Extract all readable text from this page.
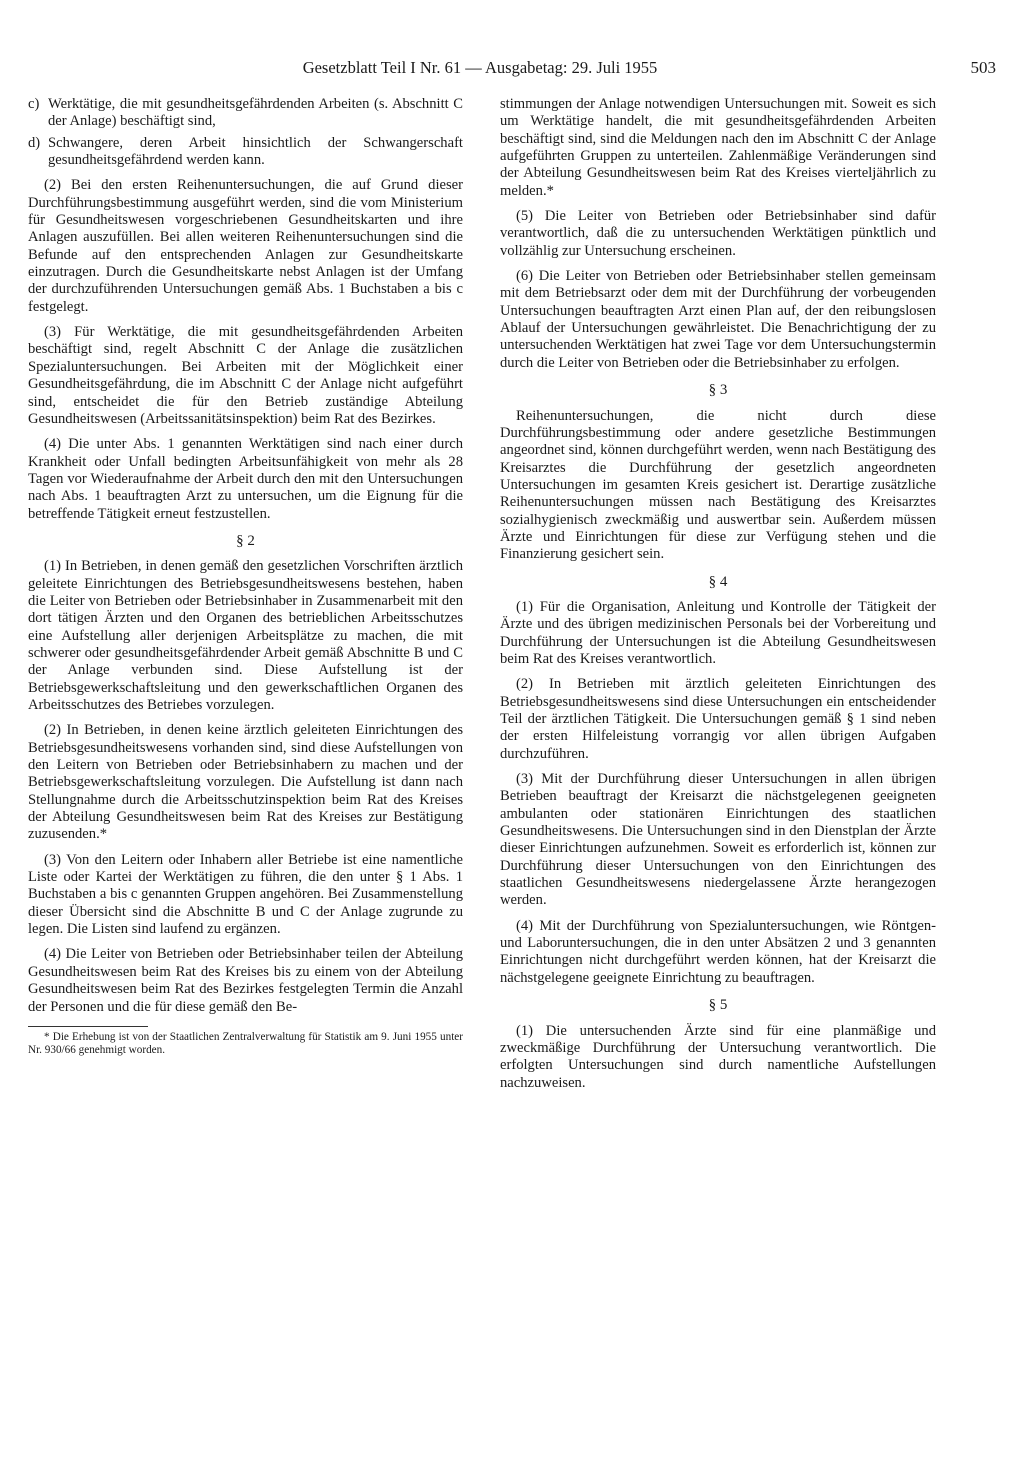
Gesetzblatt Teil I Nr. 61 — Ausgabetag: 29. Juli 1955	503
c) Werktätige, die mit gesundheitsgefährdenden Arbeiten (s. Abschnitt C der Anlage) beschäftigt sind,
d) Schwangere, deren Arbeit hinsichtlich der Schwangerschaft gesundheitsgefährdend werden kann.

(2) Bei den ersten Reihenuntersuchungen, die auf Grund dieser Durchführungsbestimmung ausgeführt werden, sind die vom Ministerium für Gesundheitswesen vorgeschriebenen Gesundheitskarten und ihre Anlagen auszufüllen. Bei allen weiteren Reihenuntersuchungen sind die Befunde auf den entsprechenden Anlagen zur Gesundheitskarte einzutragen. Durch die Gesundheitskarte nebst Anlagen ist der Umfang der durchzuführenden Untersuchungen gemäß Abs. 1 Buchstaben a bis c festgelegt.

(3) Für Werktätige, die mit gesundheitsgefährdenden Arbeiten beschäftigt sind, regelt Abschnitt C der Anlage die zusätzlichen Spezialuntersuchungen. Bei Arbeiten mit der Möglichkeit einer Gesundheitsgefährdung, die im Abschnitt C der Anlage nicht aufgeführt sind, entscheidet die für den Betrieb zuständige Abteilung Gesundheitswesen (Arbeitssanitätsinspektion) beim Rat des Bezirkes.

(4) Die unter Abs. 1 genannten Werktätigen sind nach einer durch Krankheit oder Unfall bedingten Arbeitsunfähigkeit von mehr als 28 Tagen vor Wiederaufnahme der Arbeit durch den mit den Untersuchungen nach Abs. 1 beauftragten Arzt zu untersuchen, um die Eignung für die betreffende Tätigkeit erneut festzustellen.

§ 2

(1) In Betrieben, in denen gemäß den gesetzlichen Vorschriften ärztlich geleitete Einrichtungen des Betriebsgesundheitswesens bestehen, haben die Leiter von Betrieben oder Betriebsinhaber in Zusammenarbeit mit den dort tätigen Ärzten und den Organen des betrieblichen Arbeitsschutzes eine Aufstellung aller derjenigen Arbeitsplätze zu machen, die mit schwerer oder gesundheitsgefährdender Arbeit gemäß Abschnitte B und C der Anlage verbunden sind. Diese Aufstellung ist der Betriebsgewerkschaftsleitung und den gewerkschaftlichen Organen des Arbeitsschutzes des Betriebes vorzulegen.

(2) In Betrieben, in denen keine ärztlich geleiteten Einrichtungen des Betriebsgesundheitswesens vorhanden sind, sind diese Aufstellungen von den Leitern von Betrieben oder Betriebsinhabern zu machen und der Betriebsgewerkschaftsleitung vorzulegen. Die Aufstellung ist dann nach Stellungnahme durch die Arbeitsschutzinspektion beim Rat des Kreises der Abteilung Gesundheitswesen beim Rat des Kreises zur Bestätigung zuzusenden.*

(3) Von den Leitern oder Inhabern aller Betriebe ist eine namentliche Liste oder Kartei der Werktätigen zu führen, die den unter § 1 Abs. 1 Buchstaben a bis c genannten Gruppen angehören. Bei Zusammenstellung dieser Übersicht sind die Abschnitte B und C der Anlage zugrunde zu legen. Die Listen sind laufend zu ergänzen.

(4) Die Leiter von Betrieben oder Betriebsinhaber teilen der Abteilung Gesundheitswesen beim Rat des Kreises bis zu einem von der Abteilung Gesundheitswesen beim Rat des Bezirkes festgelegten Termin die Anzahl der Personen und die für diese gemäß den Be-

* Die Erhebung ist von der Staatlichen Zentralverwaltung für Statistik am 9. Juni 1955 unter Nr. 930/66 genehmigt worden.

stimmungen der Anlage notwendigen Untersuchungen mit. Soweit es sich um Werktätige handelt, die mit gesundheitsgefährdenden Arbeiten beschäftigt sind, sind die Meldungen nach den im Abschnitt C der Anlage aufgeführten Gruppen zu unterteilen. Zahlenmäßige Veränderungen sind der Abteilung Gesundheitswesen beim Rat des Kreises vierteljährlich zu melden.*

(5) Die Leiter von Betrieben oder Betriebsinhaber sind dafür verantwortlich, daß die zu untersuchenden Werktätigen pünktlich und vollzählig zur Untersuchung erscheinen.

(6) Die Leiter von Betrieben oder Betriebsinhaber stellen gemeinsam mit dem Betriebsarzt oder dem mit der Durchführung der vorbeugenden Untersuchungen beauftragten Arzt einen Plan auf, der den reibungslosen Ablauf der Untersuchungen gewährleistet. Die Benachrichtigung der zu untersuchenden Werktätigen hat zwei Tage vor dem Untersuchungstermin durch die Leiter von Betrieben oder die Betriebsinhaber zu erfolgen.

§ 3

Reihenuntersuchungen, die nicht durch diese Durchführungsbestimmung oder andere gesetzliche Bestimmungen angeordnet sind, können durchgeführt werden, wenn nach Bestätigung des Kreisarztes die Durchführung der gesetzlich angeordneten Untersuchungen im gesamten Kreis gesichert ist. Derartige zusätzliche Reihenuntersuchungen müssen nach Bestätigung des Kreisarztes sozialhygienisch zweckmäßig und auswertbar sein. Außerdem müssen Ärzte und Einrichtungen für diese zur Verfügung stehen und die Finanzierung gesichert sein.

§ 4

(1) Für die Organisation, Anleitung und Kontrolle der Tätigkeit der Ärzte und des übrigen medizinischen Personals bei der Vorbereitung und Durchführung der Untersuchungen ist die Abteilung Gesundheitswesen beim Rat des Kreises verantwortlich.

(2) In Betrieben mit ärztlich geleiteten Einrichtungen des Betriebsgesundheitswesens sind diese Untersuchungen ein entscheidender Teil der ärztlichen Tätigkeit. Die Untersuchungen gemäß § 1 sind neben der ersten Hilfeleistung vorrangig vor allen übrigen Aufgaben durchzuführen.

(3) Mit der Durchführung dieser Untersuchungen in allen übrigen Betrieben beauftragt der Kreisarzt die nächstgelegenen geeigneten ambulanten oder stationären Einrichtungen des staatlichen Gesundheitswesens. Die Untersuchungen sind in den Dienstplan der Ärzte dieser Einrichtungen aufzunehmen. Soweit es erforderlich ist, können zur Durchführung dieser Untersuchungen von den Einrichtungen des staatlichen Gesundheitswesens niedergelassene Ärzte herangezogen werden.

(4) Mit der Durchführung von Spezialuntersuchungen, wie Röntgen- und Laboruntersuchungen, die in den unter Absätzen 2 und 3 genannten Einrichtungen nicht durchgeführt werden können, hat der Kreisarzt die nächstgelegene geeignete Einrichtung zu beauftragen.

§ 5

(1) Die untersuchenden Ärzte sind für eine planmäßige und zweckmäßige Durchführung der Untersuchung verantwortlich. Die erfolgten Untersuchungen sind durch namentliche Aufstellungen nachzuweisen.
